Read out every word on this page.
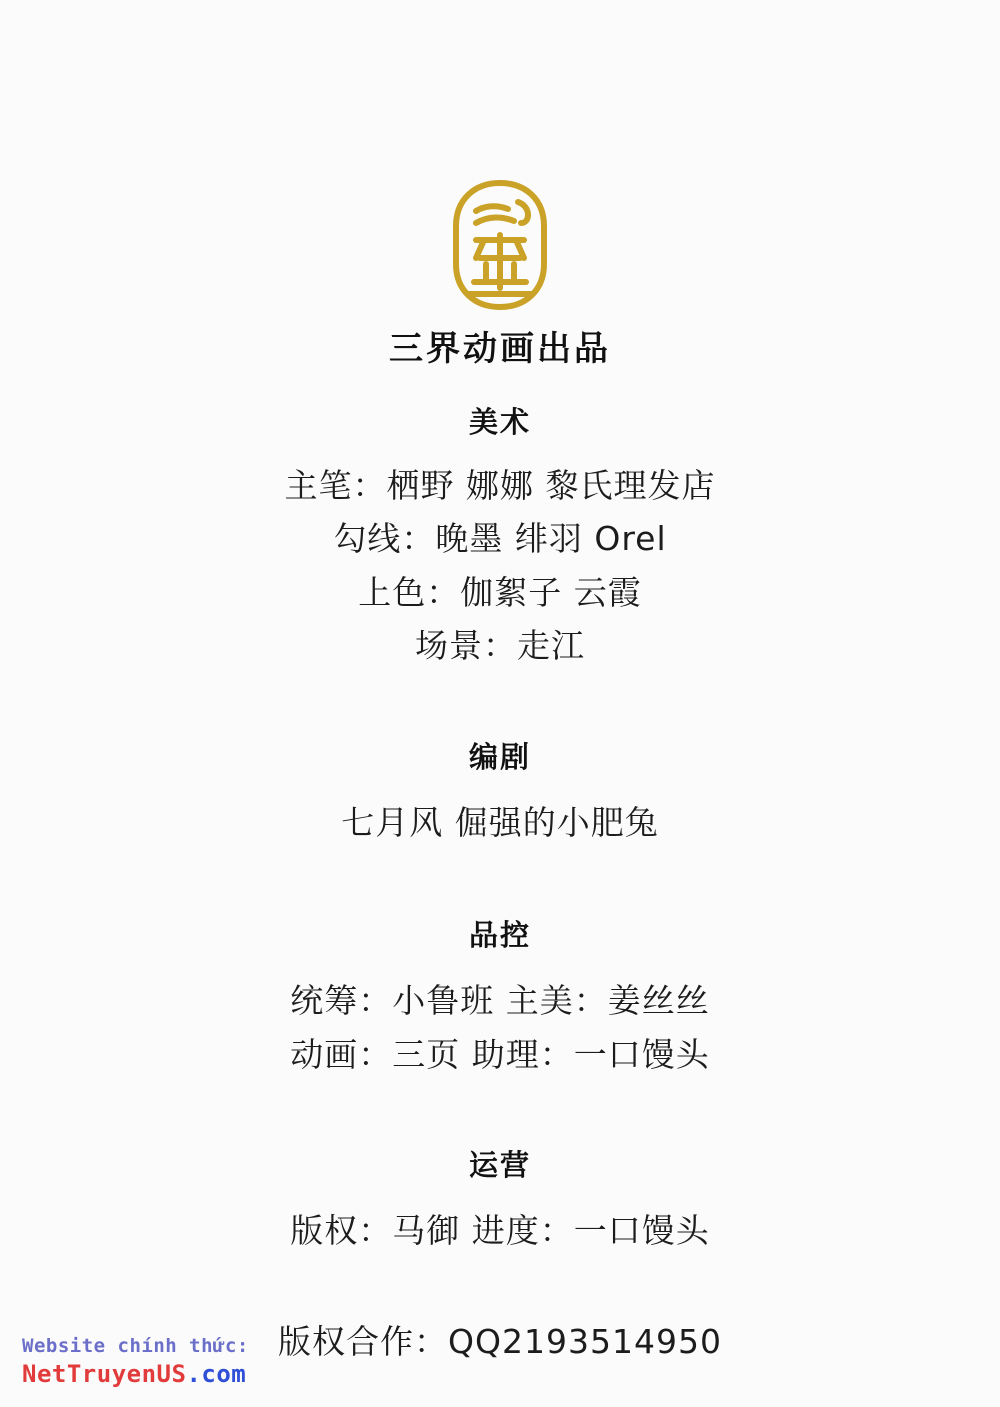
三界动画出品
美术
主笔：栖野 娜娜 黎氏理发店
勾线：晚墨 绯羽 Orel
上色：伽絮子 云霞
场景：走江
编剧
七月风 倔强的小肥兔
品控
统筹：小鲁班 主美：姜丝丝
动画：三页 助理：一口馒头
运营
版权：马御 进度：一口馒头
版权合作：QQ2193514950
Website chính thức:
NetTruyenUS.com
